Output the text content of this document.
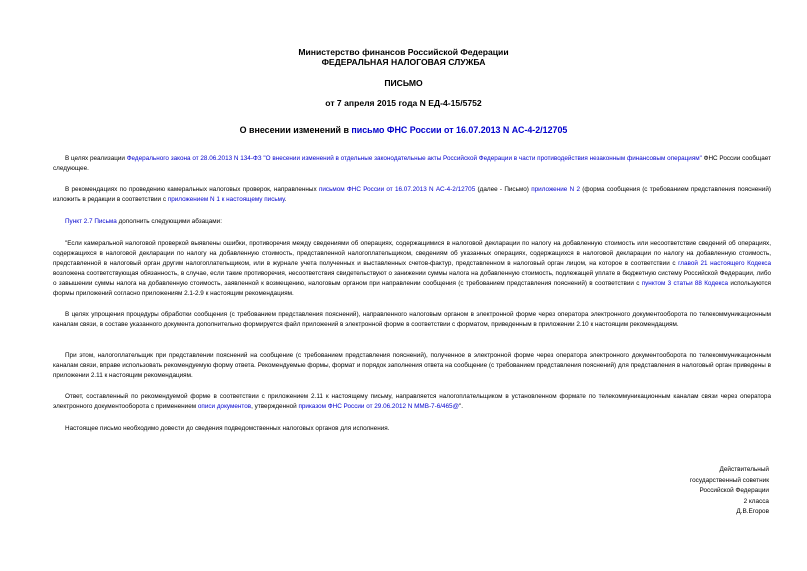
Министерство финансов Российской Федерации
ФЕДЕРАЛЬНАЯ НАЛОГОВАЯ СЛУЖБА
ПИСЬМО
от 7 апреля 2015 года N ЕД-4-15/5752
О внесении изменений в письмо ФНС России от 16.07.2013 N АС-4-2/12705

В целях реализации Федерального закона от 28.06.2013 N 134-ФЗ "О внесении изменений в отдельные законодательные акты Российской Федерации в части противодействия незаконным финансовым операциям" ФНС России сообщает следующее.

В рекомендациях по проведению камеральных налоговых проверок, направленных письмом ФНС России от 16.07.2013 N АС-4-2/12705 (далее - Письмо) приложение N 2 (форма сообщения (с требованием представления пояснений) изложить в редакции в соответствии с приложением N 1 к настоящему письму.

Пункт 2.7 Письма дополнить следующими абзацами:

"Если камеральной налоговой проверкой выявлены ошибки, противоречия между сведениями об операциях, содержащимися в налоговой декларации по налогу на добавленную стоимость или несоответствие сведений об операциях, содержащихся в налоговой декларации по налогу на добавленную стоимость, представленной налогоплательщиком, сведениям об указанных операциях, содержащихся в налоговой декларации по налогу на добавленную стоимость, представленной в налоговый орган другим налогоплательщиком, или в журнале учета полученных и выставленных счетов-фактур, представленном в налоговый орган лицом, на которое в соответствии с главой 21 настоящего Кодекса возложена соответствующая обязанность, в случае, если такие противоречия, несоответствия свидетельствуют о занижении суммы налога на добавленную стоимость, подлежащей уплате в бюджетную систему Российской Федерации, либо о завышении суммы налога на добавленную стоимость, заявленной к возмещению, налоговым органом при направлении сообщения (с требованием представления пояснений) в соответствии с пунктом 3 статьи 88 Кодекса используются формы приложений согласно приложениям 2.1-2.9 к настоящим рекомендациям.

В целях упрощения процедуры обработки сообщения (с требованием представления пояснений), направленного налоговым органом в электронной форме через оператора электронного документооборота по телекоммуникационным каналам связи, в составе указанного документа дополнительно формируется файл приложений в электронной форме в соответствии с форматом, приведенным в приложении 2.10 к настоящим рекомендациям.

При этом, налогоплательщик при представлении пояснений на сообщение (с требованием представления пояснений), полученное в электронной форме через оператора электронного документооборота по телекоммуникационным каналам связи, вправе использовать рекомендуемую форму ответа. Рекомендуемые формы, формат и порядок заполнения ответа на сообщение (с требованием представления пояснений) для представления в налоговый орган приведены в приложении 2.11 к настоящим рекомендациям.

Ответ, составленный по рекомендуемой форме в соответствии с приложением 2.11 к настоящему письму, направляется налогоплательщиком в установленном формате по телекоммуникационным каналам связи через оператора электронного документооборота с применением описи документов, утвержденной приказом ФНС России от 29.06.2012 N ММВ-7-6/465@".

Настоящее письмо необходимо довести до сведения подведомственных налоговых органов для исполнения.

Действительный
государственный советник
Российской Федерации
2 класса
Д.В.Егоров
